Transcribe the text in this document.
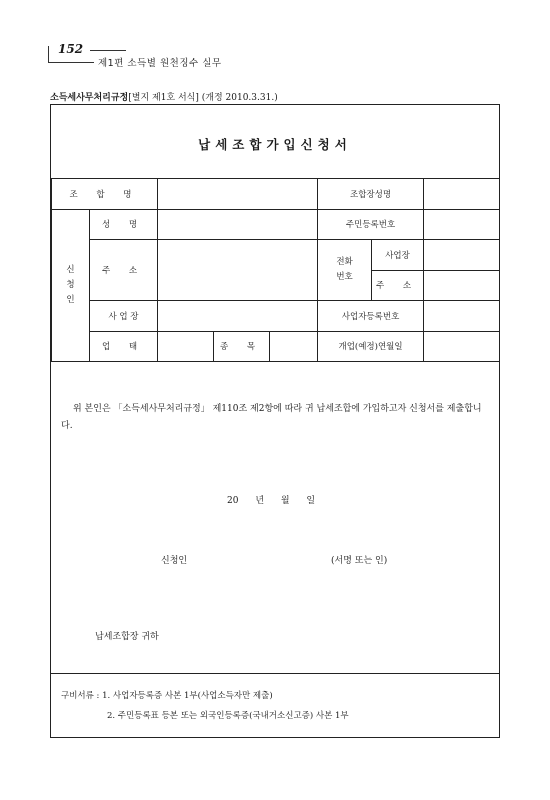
152
제1편 소득별 원천징수 실무
소득세사무처리규정[별지 제1호 서식] (개정 2010.3.31.)
납세조합가입신청서
조 합 명					조합장성명		
신 청 인	성 명				주민등록번호		
	주 소				전화 번호	사업장	
						주 소	
	사 업 장				사업자등록번호		
	업 태		종 목		개업(예정)연월일		

위 본인은 「소득세사무처리규정」 제110조 제2항에 따라 귀 납세조합에 가입하고자 신청서를 제출합니다.

20 년 월 일
신청인	(서명 또는 인)
납세조합장 귀하
구비서류 : 1. 사업자등록증 사본 1부(사업소득자만 제출)
2. 주민등록표 등본 또는 외국인등록증(국내거소신고증) 사본 1부
